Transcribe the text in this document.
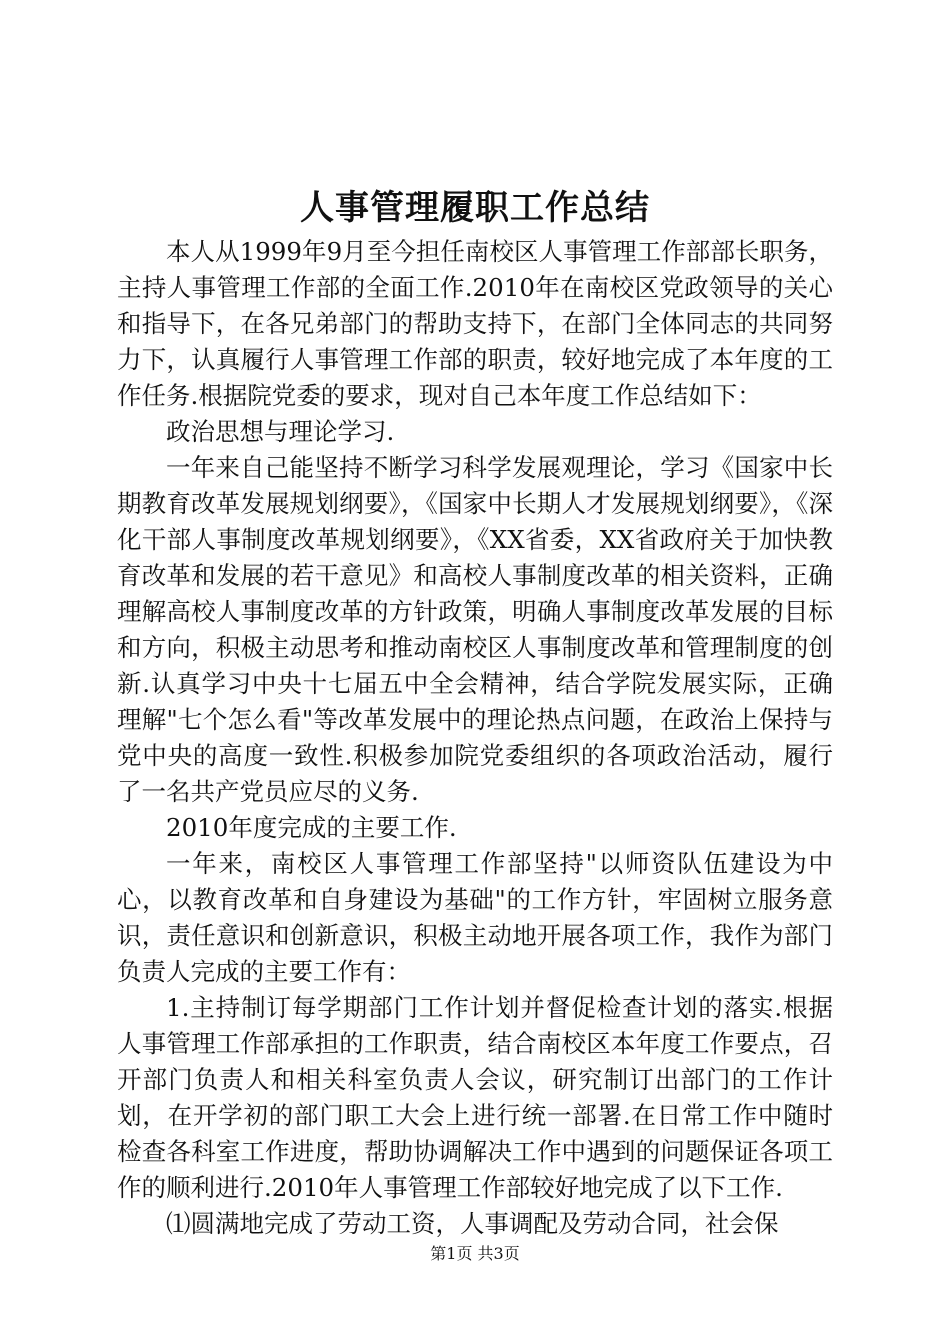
人事管理履职工作总结

本人从1999年9月至今担任南校区人事管理工作部部长职务，主持人事管理工作部的全面工作.2010年在南校区党政领导的关心和指导下，在各兄弟部门的帮助支持下，在部门全体同志的共同努力下，认真履行人事管理工作部的职责，较好地完成了本年度的工作任务.根据院党委的要求，现对自己本年度工作总结如下：

政治思想与理论学习.

一年来自己能坚持不断学习科学发展观理论，学习《国家中长期教育改革发展规划纲要》，《国家中长期人才发展规划纲要》，《深化干部人事制度改革规划纲要》，《XX省委，XX省政府关于加快教育改革和发展的若干意见》和高校人事制度改革的相关资料，正确理解高校人事制度改革的方针政策，明确人事制度改革发展的目标和方向，积极主动思考和推动南校区人事制度改革和管理制度的创新.认真学习中央十七届五中全会精神，结合学院发展实际，正确理解"七个怎么看"等改革发展中的理论热点问题，在政治上保持与党中央的高度一致性.积极参加院党委组织的各项政治活动，履行了一名共产党员应尽的义务.

2010年度完成的主要工作.

一年来，南校区人事管理工作部坚持"以师资队伍建设为中心，以教育改革和自身建设为基础"的工作方针，牢固树立服务意识，责任意识和创新意识，积极主动地开展各项工作，我作为部门负责人完成的主要工作有：

1.主持制订每学期部门工作计划并督促检查计划的落实.根据人事管理工作部承担的工作职责，结合南校区本年度工作要点，召开部门负责人和相关科室负责人会议，研究制订出部门的工作计划，在开学初的部门职工大会上进行统一部署.在日常工作中随时检查各科室工作进度，帮助协调解决工作中遇到的问题保证各项工作的顺利进行.2010年人事管理工作部较好地完成了以下工作.

⑴圆满地完成了劳动工资，人事调配及劳动合同，社会保

第1页 共3页
